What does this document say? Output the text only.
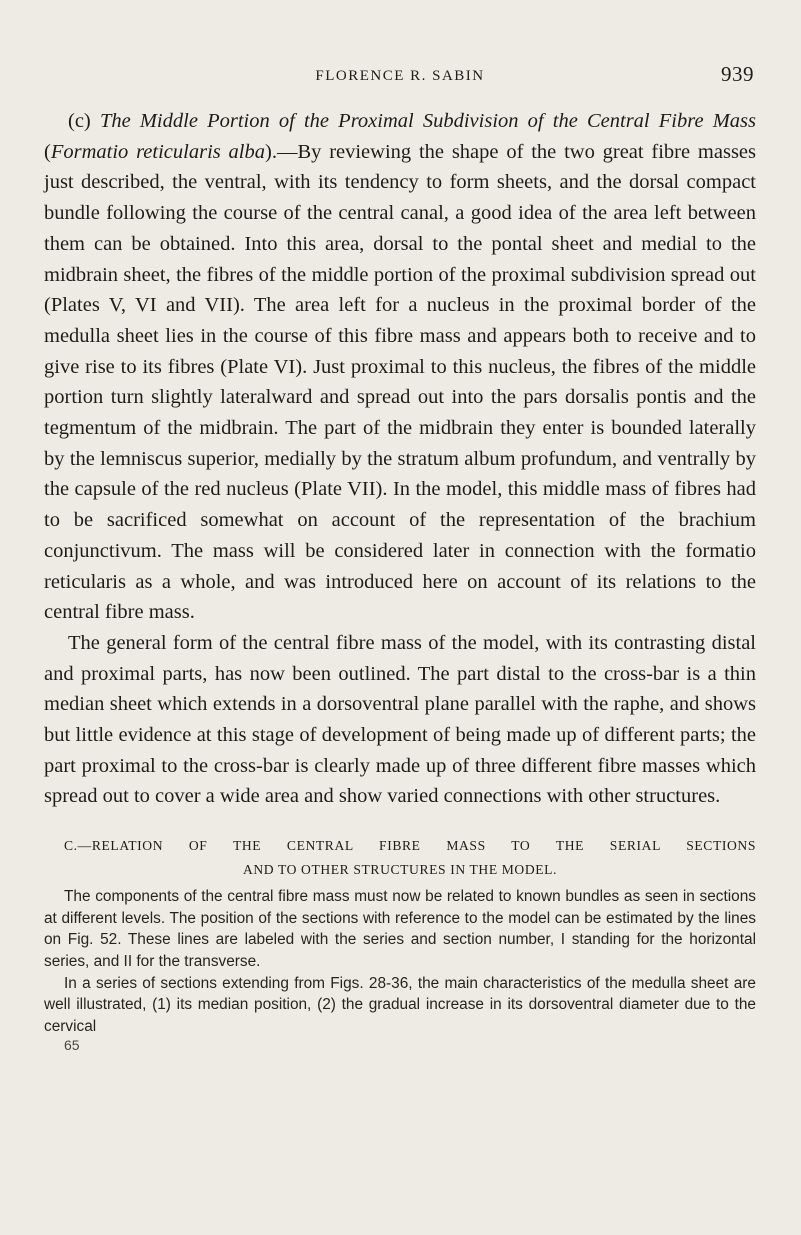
FLORENCE R. SABIN	939

(c) The Middle Portion of the Proximal Subdivision of the Central Fibre Mass (Formatio reticularis alba).—By reviewing the shape of the two great fibre masses just described, the ventral, with its tendency to form sheets, and the dorsal compact bundle following the course of the central canal, a good idea of the area left between them can be obtained. Into this area, dorsal to the pontal sheet and medial to the midbrain sheet, the fibres of the middle portion of the proximal subdivision spread out (Plates V, VI and VII). The area left for a nucleus in the proximal border of the medulla sheet lies in the course of this fibre mass and appears both to receive and to give rise to its fibres (Plate VI). Just proximal to this nucleus, the fibres of the middle portion turn slightly lateralward and spread out into the pars dorsalis pontis and the tegmentum of the midbrain. The part of the midbrain they enter is bounded laterally by the lemniscus superior, medially by the stratum album profundum, and ventrally by the capsule of the red nucleus (Plate VII). In the model, this middle mass of fibres had to be sacrificed somewhat on account of the representation of the brachium conjunctivum. The mass will be considered later in connection with the formatio reticularis as a whole, and was introduced here on account of its relations to the central fibre mass.

The general form of the central fibre mass of the model, with its contrasting distal and proximal parts, has now been outlined. The part distal to the cross-bar is a thin median sheet which extends in a dorsoventral plane parallel with the raphe, and shows but little evidence at this stage of development of being made up of different parts; the part proximal to the cross-bar is clearly made up of three different fibre masses which spread out to cover a wide area and show varied connections with other structures.

C.—RELATION OF THE CENTRAL FIBRE MASS TO THE SERIAL SECTIONS
AND TO OTHER STRUCTURES IN THE MODEL.

The components of the central fibre mass must now be related to known bundles as seen in sections at different levels. The position of the sections with reference to the model can be estimated by the lines on Fig. 52. These lines are labeled with the series and section number, I standing for the horizontal series, and II for the transverse.

In a series of sections extending from Figs. 28-36, the main characteristics of the medulla sheet are well illustrated, (1) its median position, (2) the gradual increase in its dorsoventral diameter due to the cervical

65
